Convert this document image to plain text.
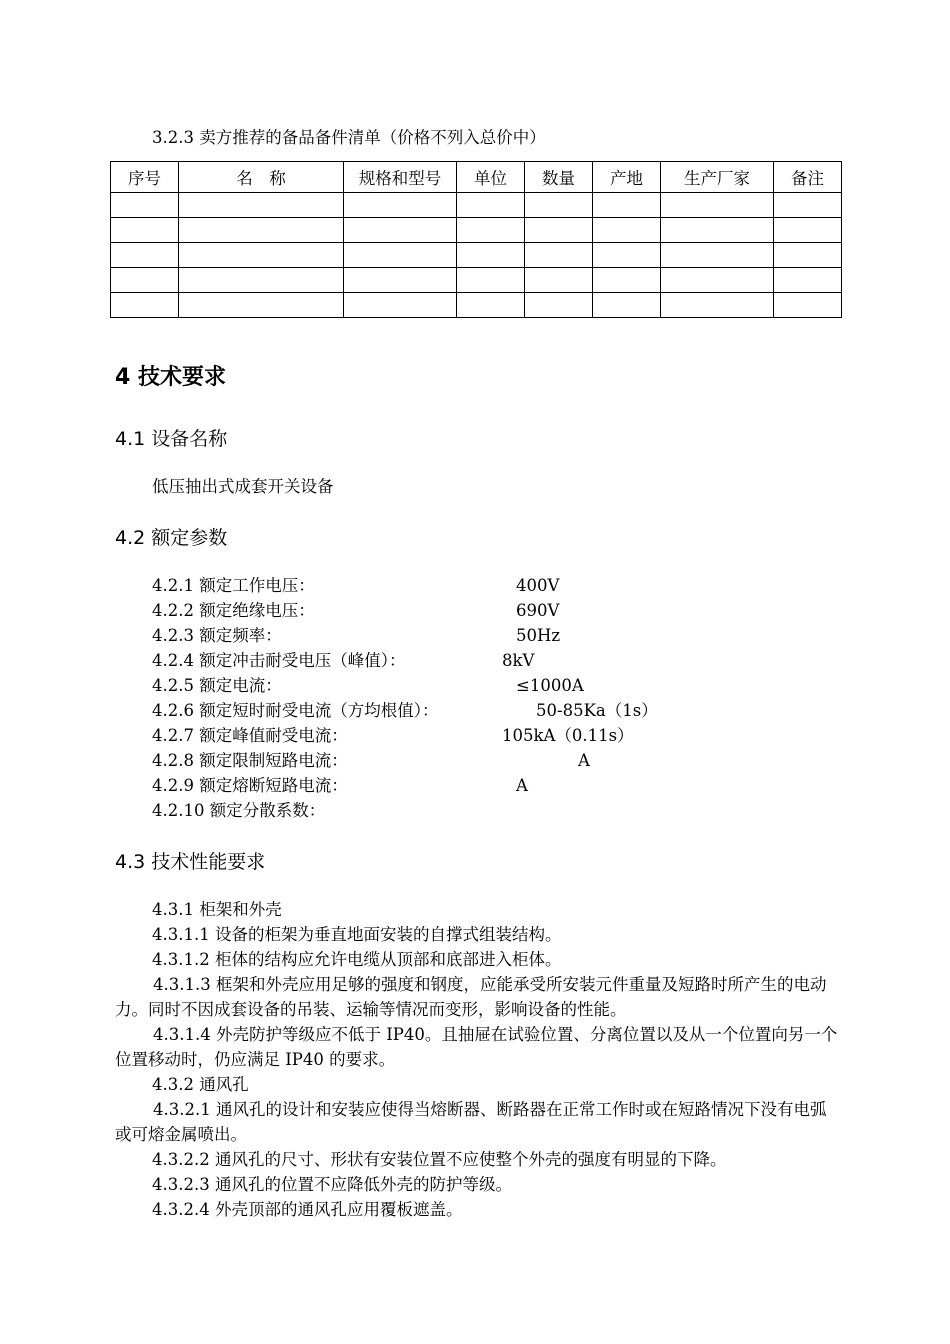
3.2.3 卖方推荐的备品备件清单（价格不列入总价中）
序号	名　称	规格和型号	单位	数量	产地	生产厂家	备注

4 技术要求
4.1 设备名称
低压抽出式成套开关设备
4.2 额定参数
4.2.1 额定工作电压：	400V
4.2.2 额定绝缘电压：	690V
4.2.3 额定频率：	50Hz
4.2.4 额定冲击耐受电压（峰值）：	8kV
4.2.5 额定电流：	≤1000A
4.2.6 额定短时耐受电流（方均根值）：	50-85Ka（1s）
4.2.7 额定峰值耐受电流：	105kA（0.11s）
4.2.8 额定限制短路电流：	A
4.2.9 额定熔断短路电流：	A
4.2.10 额定分散系数：
4.3 技术性能要求
4.3.1 柜架和外壳
4.3.1.1 设备的柜架为垂直地面安装的自撑式组装结构。
4.3.1.2 柜体的结构应允许电缆从顶部和底部进入柜体。
4.3.1.3 框架和外壳应用足够的强度和钢度，应能承受所安装元件重量及短路时所产生的电动力。同时不因成套设备的吊装、运输等情况而变形，影响设备的性能。
4.3.1.4 外壳防护等级应不低于 IP40。且抽屉在试验位置、分离位置以及从一个位置向另一个位置移动时，仍应满足 IP40 的要求。
4.3.2 通风孔
4.3.2.1 通风孔的设计和安装应使得当熔断器、断路器在正常工作时或在短路情况下没有电弧或可熔金属喷出。
4.3.2.2 通风孔的尺寸、形状有安装位置不应使整个外壳的强度有明显的下降。
4.3.2.3 通风孔的位置不应降低外壳的防护等级。
4.3.2.4 外壳顶部的通风孔应用覆板遮盖。
